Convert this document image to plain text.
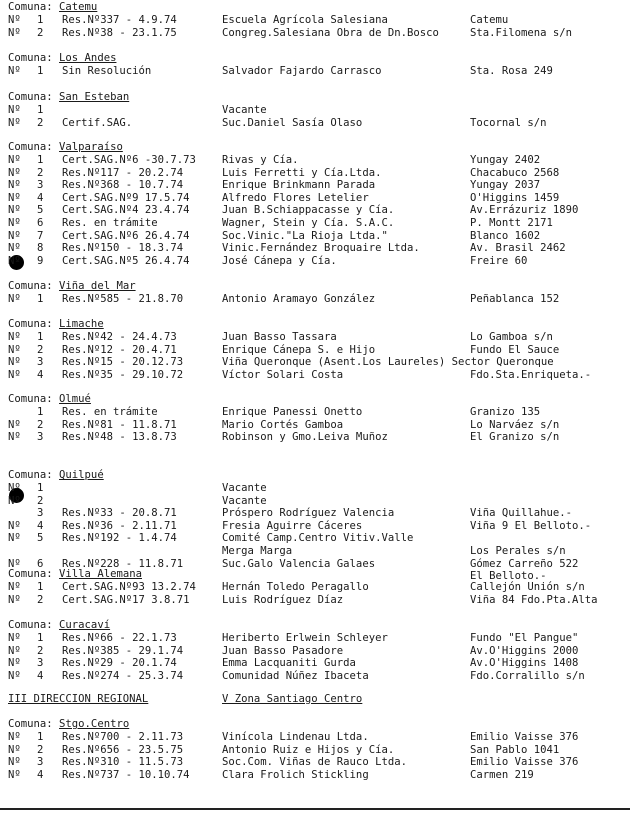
III DIRECCION REGIONAL	V Zona Santiago Centro
Comuna: Catemu
Nº	1	Res.Nº337 - 4.9.74	Escuela Agrícola Salesiana	Catemu
Nº	2	Res.Nº38 - 23.1.75	Congreg.Salesiana Obra de Dn.Bosco	Sta.Filomena s/n
Comuna: Los Andes
Nº	1	Sin Resolución	Salvador Fajardo Carrasco	Sta. Rosa 249
Comuna: San Esteban
Nº	1	Vacante
Nº	2	Certif.SAG.	Suc.Daniel Sasía Olaso	Tocornal s/n
Comuna: Valparaíso
Nº	1	Cert.SAG.Nº6 -30.7.73	Rivas y Cía.	Yungay 2402
Nº	2	Res.Nº117 - 20.2.74	Luis Ferretti y Cía.Ltda.	Chacabuco 2568
Nº	3	Res.Nº368 - 10.7.74	Enrique Brinkmann Parada	Yungay 2037
Nº	4	Cert.SAG.Nº9 17.5.74	Alfredo Flores Letelier	O'Higgins 1459
Nº	5	Cert.SAG.Nº4 23.4.74	Juan B.Schiappacasse y Cía.	Av.Errázuriz 1890
Nº	6	Res. en trámite	Wagner, Stein y Cía. S.A.C.	P. Montt 2171
Nº	7	Cert.SAG.Nº6 26.4.74	Soc.Vinic."La Rioja Ltda."	Blanco 1602
Nº	8	Res.Nº150 - 18.3.74	Vinic.Fernández Broquaire Ltda.	Av. Brasil 2462
Nº	9	Cert.SAG.Nº5 26.4.74	José Cánepa y Cía.	Freire 60
Comuna: Viña del Mar
Nº	1	Res.Nº585 - 21.8.70	Antonio Aramayo González	Peñablanca 152
Comuna: Limache
Nº	1	Res.Nº42 - 24.4.73	Juan Basso Tassara	Lo Gamboa s/n
Nº	2	Res.Nº12 - 20.4.71	Enrique Cánepa S. e Hijo	Fundo El Sauce
Nº	3	Res.Nº15 - 20.12.73	Viña Queronque (Asent.Los Laureles) Sector Queronque
Nº	4	Res.Nº35 - 29.10.72	Víctor Solari Costa	Fdo.Sta.Enriqueta.-
Comuna: Olmué
1	Res. en trámite	Enrique Panessi Onetto	Granizo 135
Nº	2	Res.Nº81 - 11.8.71	Mario Cortés Gamboa	Lo Narváez s/n
Nº	3	Res.Nº48 - 13.8.73	Robinson y Gmo.Leiva Muñoz	El Granizo s/n
Comuna: Quilpué
Nº	1	Vacante
Nº	2	Vacante
3	Res.Nº33 - 20.8.71	Próspero Rodríguez Valencia	Viña Quillahue.-
Nº	4	Res.Nº36 - 2.11.71	Fresia Aguirre Cáceres	Viña 9 El Belloto.-
Nº	5	Res.Nº192 - 1.4.74	Comité Camp.Centro Vitiv.Valle
Merga Marga	Los Perales s/n
Nº	6	Res.Nº228 - 11.8.71	Suc.Galo Valencia Galaes	Gómez Carreño 522
El Belloto.-
Comuna: Villa Alemana
Nº	1	Cert.SAG.Nº93 13.2.74	Hernán Toledo Peragallo	Callejón Unión s/n
Nº	2	Cert.SAG.Nº17 3.8.71	Luis Rodríguez Díaz	Viña 84 Fdo.Pta.Alta
Comuna: Curacaví
Nº	1	Res.Nº66 - 22.1.73	Heriberto Erlwein Schleyer	Fundo "El Pangue"
Nº	2	Res.Nº385 - 29.1.74	Juan Basso Pasadore	Av.O'Higgins 2000
Nº	3	Res.Nº29 - 20.1.74	Emma Lacquaniti Gurda	Av.O'Higgins 1408
Nº	4	Res.Nº274 - 25.3.74	Comunidad Núñez Ibaceta	Fdo.Corralillo s/n
Comuna: Stgo.Centro
Nº	1	Res.Nº700 - 2.11.73	Vinícola Lindenau Ltda.	Emilio Vaisse 376
Nº	2	Res.Nº656 - 23.5.75	Antonio Ruiz e Hijos y Cía.	San Pablo 1041
Nº	3	Res.Nº310 - 11.5.73	Soc.Com. Viñas de Rauco Ltda.	Emilio Vaisse 376
Nº	4	Res.Nº737 - 10.10.74	Clara Frolich Stickling	Carmen 219
